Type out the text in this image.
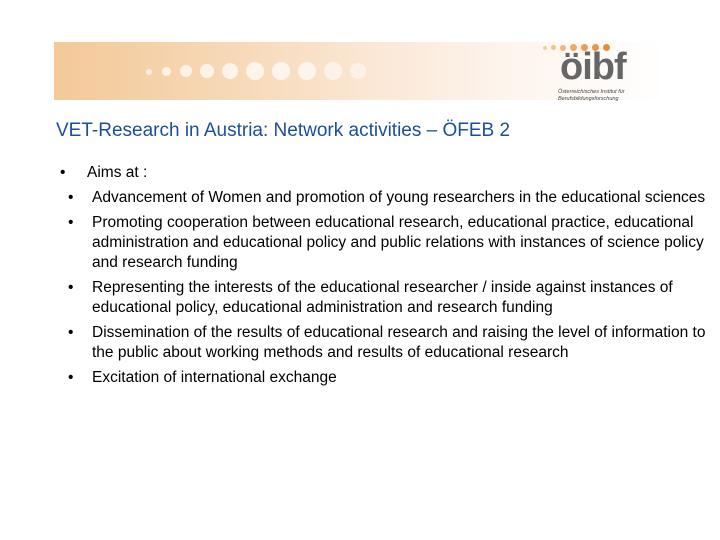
öibf
Österreichisches Institut für
Berufsbildungsforschung
VET-Research in Austria: Network activities – ÖFEB 2
• Aims at :
• Advancement of Women and promotion of young researchers in the educational sciences
• Promoting cooperation between educational research, educational practice, educational administration and educational policy and public relations with instances of science policy and research funding
• Representing the interests of the educational researcher / inside against instances of educational policy, educational administration and research funding
• Dissemination of the results of educational research and raising the level of information to the public about working methods and results of educational research
• Excitation of international exchange
